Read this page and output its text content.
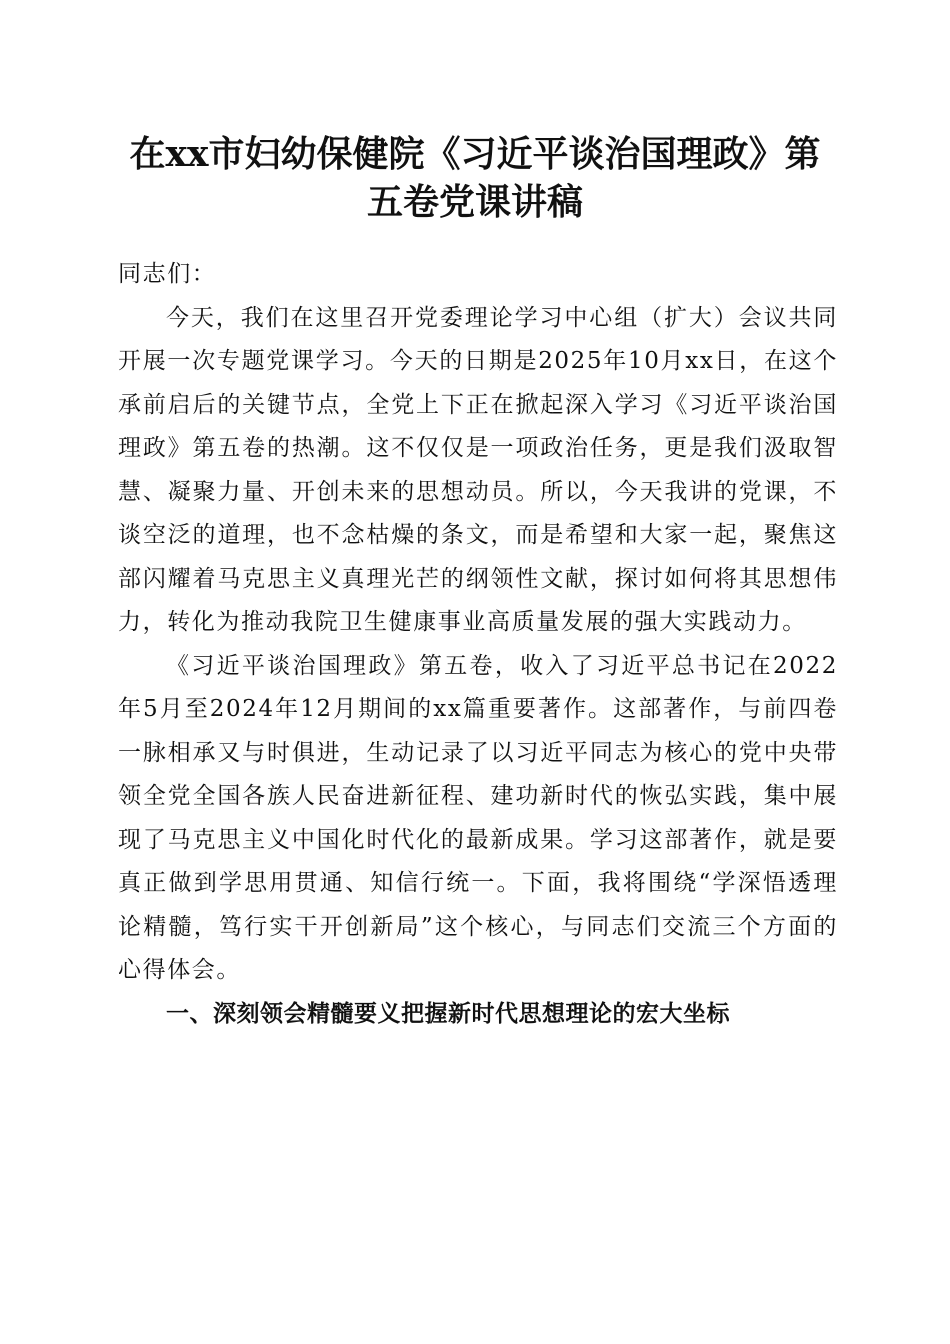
在xx市妇幼保健院《习近平谈治国理政》第
五卷党课讲稿

同志们：

今天，我们在这里召开党委理论学习中心组（扩大）会议共同开展一次专题党课学习。今天的日期是2025年10月xx日，在这个承前启后的关键节点，全党上下正在掀起深入学习《习近平谈治国理政》第五卷的热潮。这不仅仅是一项政治任务，更是我们汲取智慧、凝聚力量、开创未来的思想动员。所以，今天我讲的党课，不谈空泛的道理，也不念枯燥的条文，而是希望和大家一起，聚焦这部闪耀着马克思主义真理光芒的纲领性文献，探讨如何将其思想伟力，转化为推动我院卫生健康事业高质量发展的强大实践动力。

《习近平谈治国理政》第五卷，收入了习近平总书记在2022年5月至2024年12月期间的xx篇重要著作。这部著作，与前四卷一脉相承又与时俱进，生动记录了以习近平同志为核心的党中央带领全党全国各族人民奋进新征程、建功新时代的恢弘实践，集中展现了马克思主义中国化时代化的最新成果。学习这部著作，就是要真正做到学思用贯通、知信行统一。下面，我将围绕“学深悟透理论精髓，笃行实干开创新局”这个核心，与同志们交流三个方面的心得体会。

一、深刻领会精髓要义把握新时代思想理论的宏大坐标
